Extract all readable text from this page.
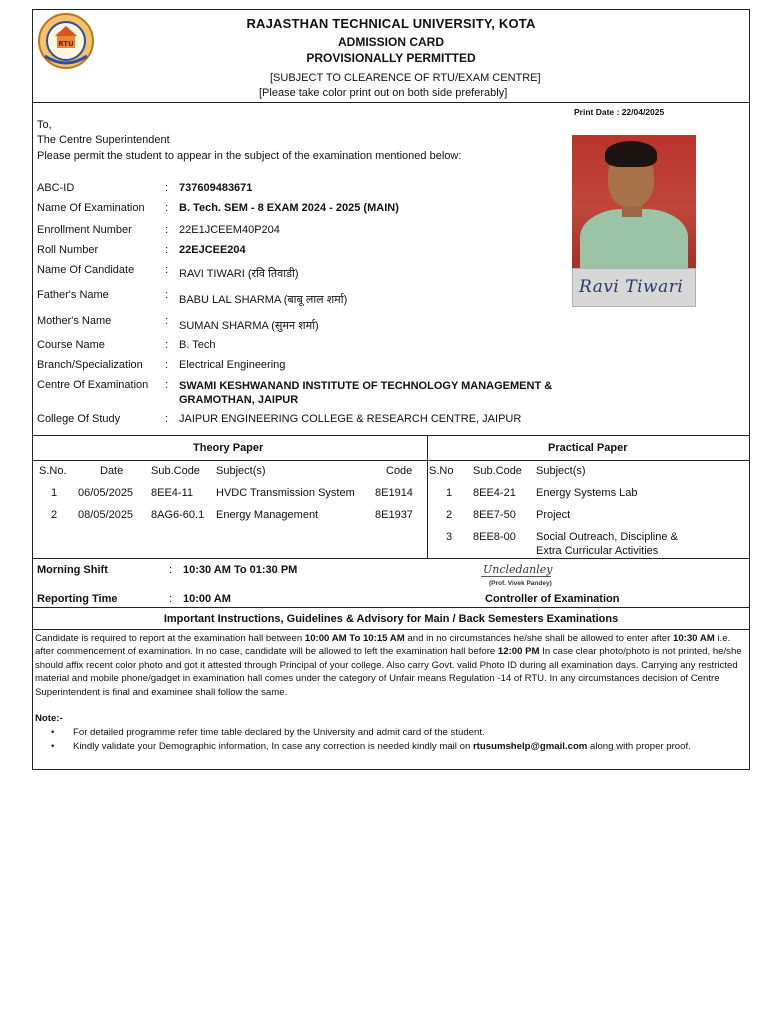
RTU
RAJASTHAN TECHNICAL UNIVERSITY, KOTA
ADMISSION CARD
PROVISIONALLY PERMITTED
[SUBJECT TO CLEARENCE OF RTU/EXAM CENTRE]
[Please take color print out on both side preferably]
Print Date : 22/04/2025
To,
The Centre Superintendent
Please permit the student to appear in the subject of the examination mentioned below:
ABC-ID	: 737609483671
Name Of Examination : B. Tech. SEM - 8 EXAM 2024 - 2025 (MAIN)
Enrollment Number	: 22E1JCEEM40P204
Roll Number	: 22EJCEE204
Name Of Candidate	: RAVI TIWARI (रवि तिवाडी)
Father's Name	: BABU LAL SHARMA (बाबू लाल शर्मा)
Mother's Name	: SUMAN SHARMA (सुमन शर्मा)
Course Name	: B. Tech
Branch/Specialization : Electrical Engineering
Centre Of Examination : SWAMI KESHWANAND INSTITUTE OF TECHNOLOGY MANAGEMENT & GRAMOTHAN, JAIPUR
College Of Study	: JAIPUR ENGINEERING COLLEGE & RESEARCH CENTRE, JAIPUR
Ravi Tiwari
Theory Paper	Practical Paper
S.No.	Date	Sub.Code Subject(s)	Code
1 06/05/2025 8EE4-11 HVDC Transmission System 8E1914
2 08/05/2025 8AG6-60.1 Energy Management	8E1937
S.No Sub.Code Subject(s)
1 8EE4-21 Energy Systems Lab
2 8EE7-50 Project
3 8EE8-00 Social Outreach, Discipline &
Extra Curricular Activities
Morning Shift	: 10:30 AM To 01:30 PM
Reporting Time	: 10:00 AM
Uncledanley
(Prof. Vivek Pandey)
Controller of Examination
Important Instructions, Guidelines & Advisory for Main / Back Semesters Examinations
Candidate is required to report at the examination hall between 10:00 AM To 10:15 AM and in no circumstances he/she shall be allowed to enter after 10:30 AM i.e. after commencement of examination. In no case, candidate will be allowed to left the examination hall before 12:00 PM In case clear photo/photo is not printed, he/she should affix recent color photo and got it attested through Principal of your college. Also carry Govt. valid Photo ID during all examination days. Carrying any restricted material and mobile phone/gadget in examination hall comes under the category of Unfair means Regulation -14 of RTU. In any circumstances decision of Centre Superintendent is final and examinee shall follow the same.
Note:-
• For detailed programme refer time table declared by the University and admit card of the student.
• Kindly validate your Demographic information, In case any correction is needed kindly mail on rtusumshelp@gmail.com along with proper proof.
